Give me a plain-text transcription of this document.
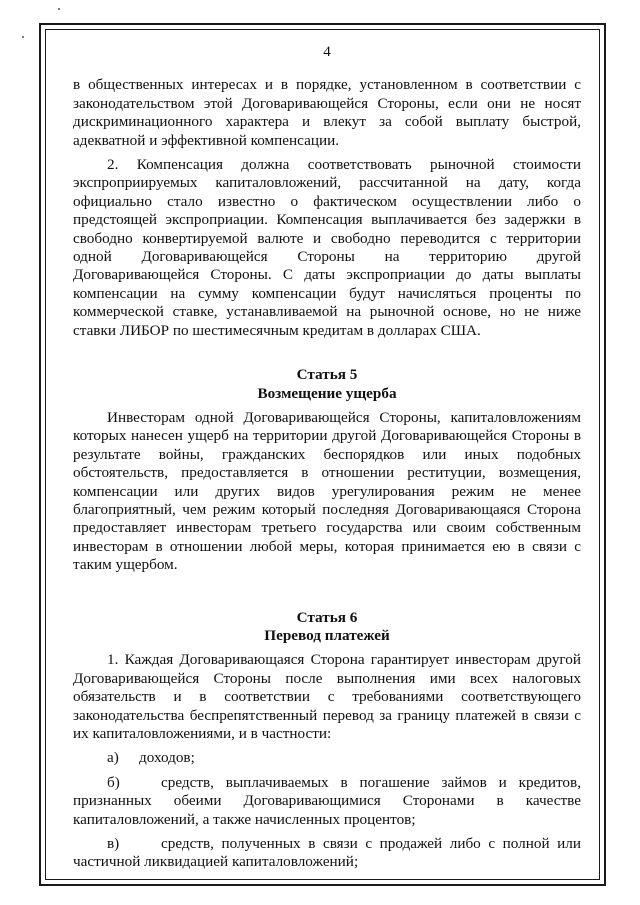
4

в общественных интересах и в порядке, установленном в соответствии с законодательством этой Договаривающейся Стороны, если они не носят дискриминационного характера и влекут за собой выплату быстрой, адекватной и эффективной компенсации.

2. Компенсация должна соответствовать рыночной стоимости экспроприируемых капиталовложений, рассчитанной на дату, когда официально стало известно о фактическом осуществлении либо о предстоящей экспроприации. Компенсация выплачивается без задержки в свободно конвертируемой валюте и свободно переводится с территории одной Договаривающейся Стороны на территорию другой Договаривающейся Стороны. С даты экспроприации до даты выплаты компенсации на сумму компенсации будут начисляться проценты по коммерческой ставке, устанавливаемой на рыночной основе, но не ниже ставки ЛИБОР по шестимесячным кредитам в долларах США.

Статья 5
Возмещение ущерба

Инвесторам одной Договаривающейся Стороны, капиталовложениям которых нанесен ущерб на территории другой Договаривающейся Стороны в результате войны, гражданских беспорядков или иных подобных обстоятельств, предоставляется в отношении реституции, возмещения, компенсации или других видов урегулирования режим не менее благоприятный, чем режим который последняя Договаривающаяся Сторона предоставляет инвесторам третьего государства или своим собственным инвесторам в отношении любой меры, которая принимается ею в связи с таким ущербом.

Статья 6
Перевод платежей

1. Каждая Договаривающаяся Сторона гарантирует инвесторам другой Договаривающейся Стороны после выполнения ими всех налоговых обязательств и в соответствии с требованиями соответствующего законодательства беспрепятственный перевод за границу платежей в связи с их капиталовложениями, и в частности:

а)	доходов;
б)	средств, выплачиваемых в погашение займов и кредитов, признанных обеими Договаривающимися Сторонами в качестве капиталовложений, а также начисленных процентов;
в)	средств, полученных в связи с продажей либо с полной или частичной ликвидацией капиталовложений;
